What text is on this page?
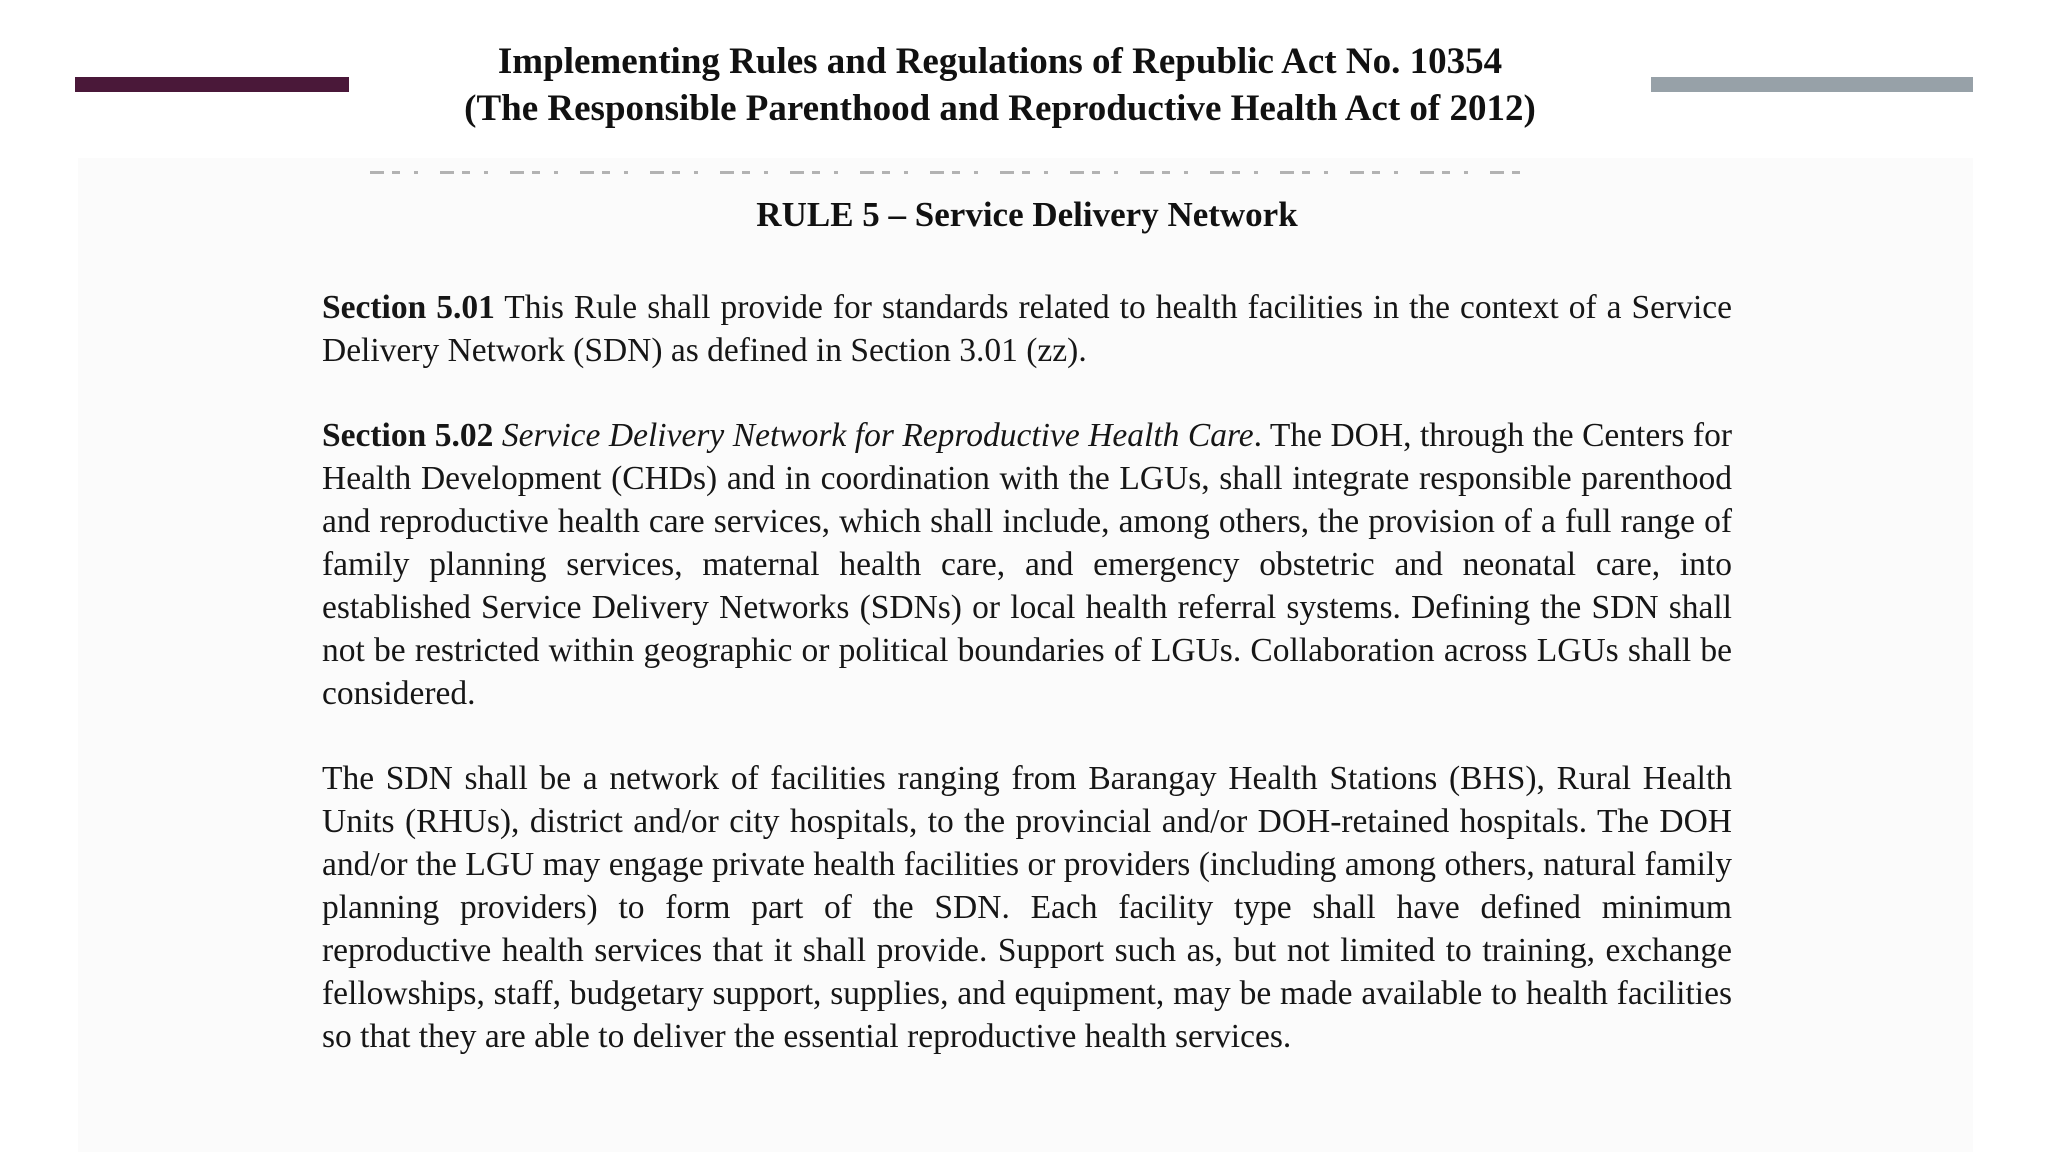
Implementing Rules and Regulations of Republic Act No. 10354
(The Responsible Parenthood and Reproductive Health Act of 2012)
RULE 5 – Service Delivery Network

Section 5.01 This Rule shall provide for standards related to health facilities in the context of a Service Delivery Network (SDN) as defined in Section 3.01 (zz).

Section 5.02 Service Delivery Network for Reproductive Health Care. The DOH, through the Centers for Health Development (CHDs) and in coordination with the LGUs, shall integrate responsible parenthood and reproductive health care services, which shall include, among others, the provision of a full range of family planning services, maternal health care, and emergency obstetric and neonatal care, into established Service Delivery Networks (SDNs) or local health referral systems. Defining the SDN shall not be restricted within geographic or political boundaries of LGUs. Collaboration across LGUs shall be considered.

The SDN shall be a network of facilities ranging from Barangay Health Stations (BHS), Rural Health Units (RHUs), district and/or city hospitals, to the provincial and/or DOH-retained hospitals. The DOH and/or the LGU may engage private health facilities or providers (including among others, natural family planning providers) to form part of the SDN. Each facility type shall have defined minimum reproductive health services that it shall provide. Support such as, but not limited to training, exchange fellowships, staff, budgetary support, supplies, and equipment, may be made available to health facilities so that they are able to deliver the essential reproductive health services.
